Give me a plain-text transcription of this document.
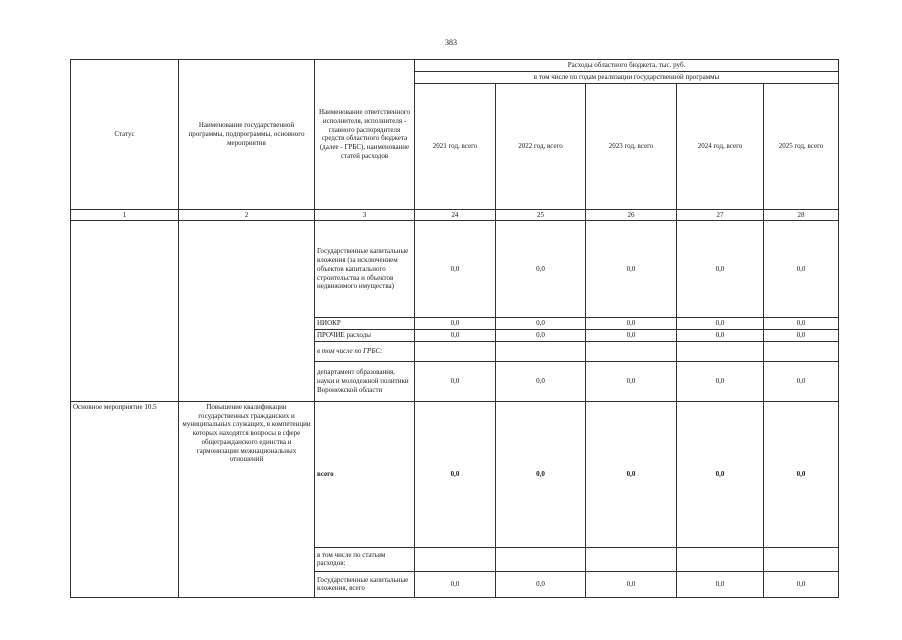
383
Статус	Наименование государственной программы, подпрограммы, основного мероприятия	Наименование ответственного исполнителя, исполнителя - главного распорядителя средств областного бюджета (далее - ГРБС), наименование статей расходов	Расходы областного бюджета, тыс. руб.				
			в том числе по годам реализации государственной программы				
			2021 год, всего	2022 год, всего	2023 год, всего	2024 год, всего	2025 год, всего
1	2	3	24	25	26	27	28
		Государственные капитальные вложения (за исключением объектов капитального строительства и объектов недвижимого имущества)	0,0	0,0	0,0	0,0	0,0
		НИОКР	0,0	0,0	0,0	0,0	0,0
		ПРОЧИЕ расходы	0,0	0,0	0,0	0,0	0,0
		в том числе по ГРБС:					
		департамент образования, науки и молодежной политики Воронежской области	0,0	0,0	0,0	0,0	0,0
Основное мероприятие 10.5	Повышение квалификации государственных гражданских и муниципальных служащих, в компетенции которых находятся вопросы в сфере общегражданского единства и гармонизации межнациональных отношений	всего	0,0	0,0	0,0	0,0	0,0
		в том числе по статьям расходов:					
		Государственные капитальные вложения, всего	0,0	0,0	0,0	0,0	0,0
